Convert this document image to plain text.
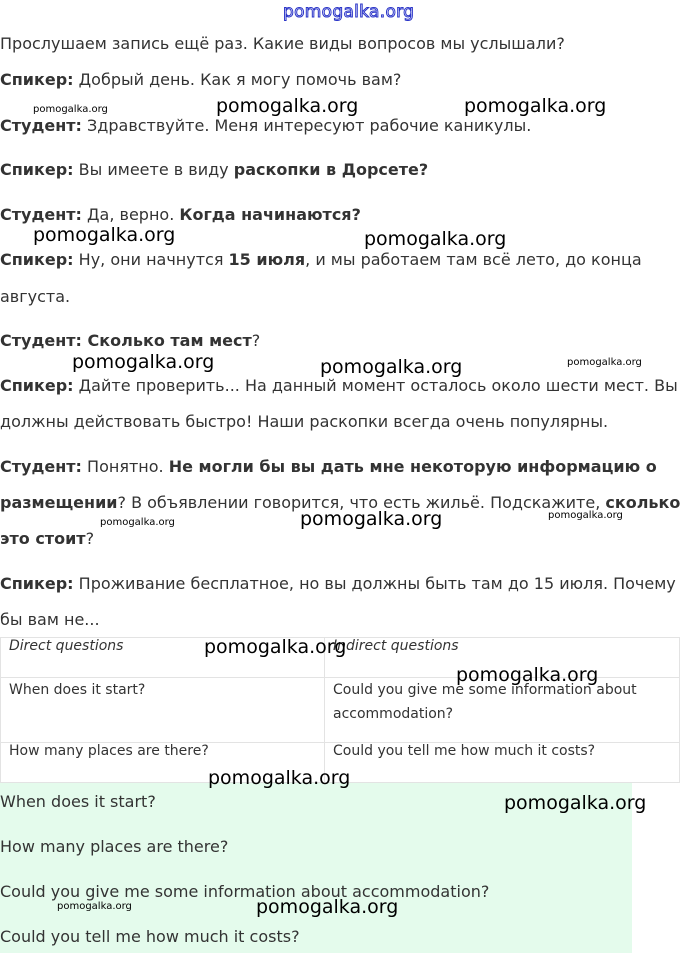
pomogalka.org
Прослушаем запись ещё раз. Какие виды вопросов мы услышали?
Спикер: Добрый день. Как я могу помочь вам?
Студент: Здравствуйте. Меня интересуют рабочие каникулы.
Спикер: Вы имеете в виду раскопки в Дорсете?
Студент: Да, верно. Когда начинаются?
Спикер: Ну, они начнутся 15 июля, и мы работаем там всё лето, до конца
августа.
Студент: Сколько там мест?
Спикер: Дайте проверить... На данный момент осталось около шести мест. Вы
должны действовать быстро! Наши раскопки всегда очень популярны.
Студент: Понятно. Не могли бы вы дать мне некоторую информацию о
размещении? В объявлении говорится, что есть жильё. Подскажите, сколько
это стоит?
Спикер: Проживание бесплатное, но вы должны быть там до 15 июля. Почему
бы вам не...
Direct questions	Indirect questions
When does it start?	Could you give me some information about accommodation?
How many places are there?	Could you tell me how much it costs?
When does it start?
How many places are there?
Could you give me some information about accommodation?
Could you tell me how much it costs?
pomogalka.org	pomogalka.org	pomogalka.org
pomogalka.org	pomogalka.org
pomogalka.org	pomogalka.org	pomogalka.org
pomogalka.org	pomogalka.org	pomogalka.org
pomogalka.org
pomogalka.org
pomogalka.org
pomogalka.org
pomogalka.org	pomogalka.org
